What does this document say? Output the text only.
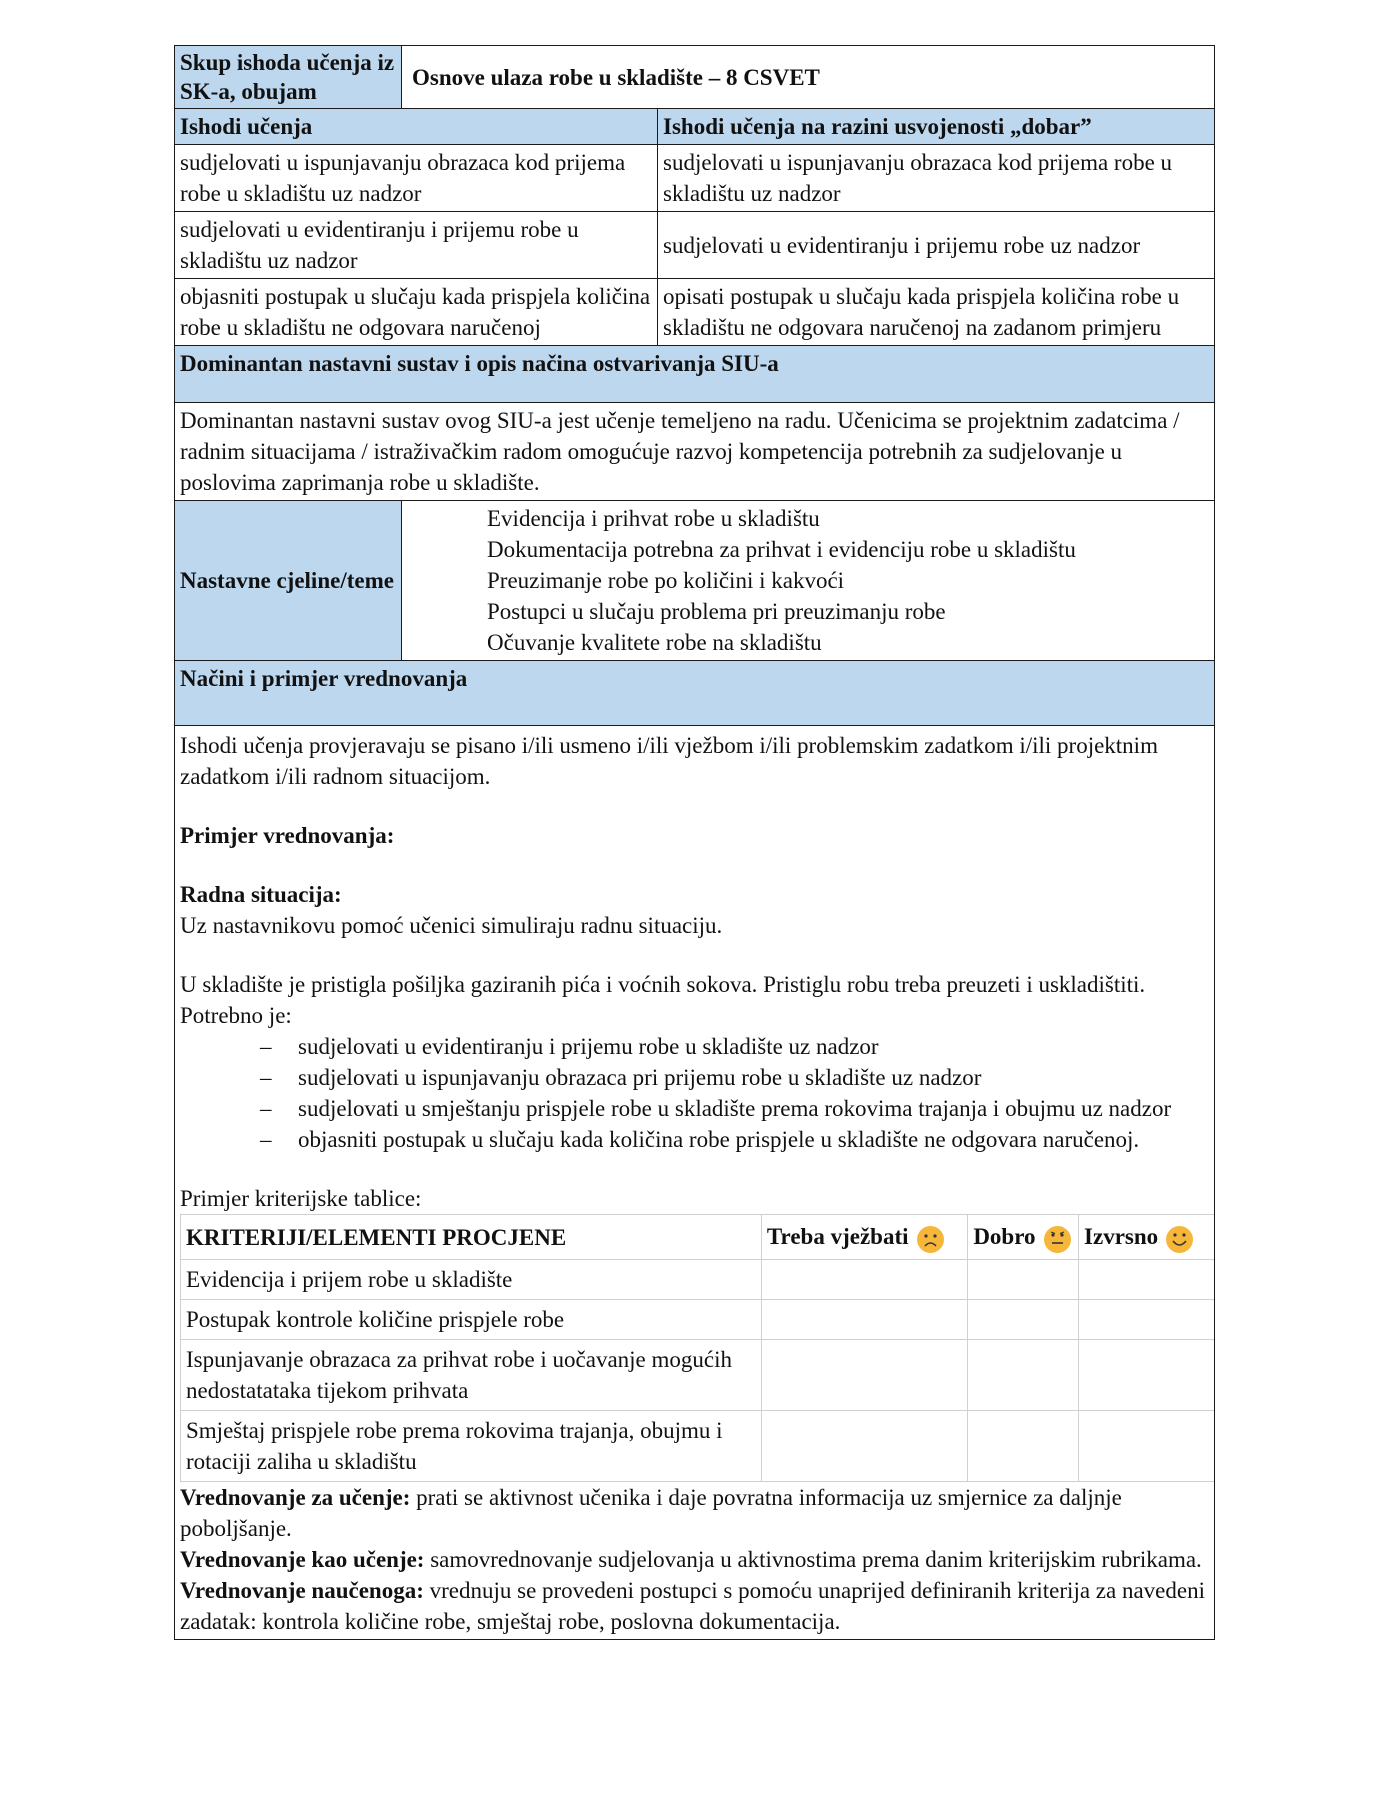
Skup ishoda učenja iz SK-a, obujam	Osnove ulaza robe u skladište – 8 CSVET
Ishodi učenja	Ishodi učenja na razini usvojenosti „dobar”
sudjelovati u ispunjavanju obrazaca kod prijema robe u skladištu uz nadzor	sudjelovati u ispunjavanju obrazaca kod prijema robe u skladištu uz nadzor
sudjelovati u evidentiranju i prijemu robe u skladištu uz nadzor	sudjelovati u evidentiranju i prijemu robe uz nadzor
objasniti postupak u slučaju kada prispjela količina robe u skladištu ne odgovara naručenoj	opisati postupak u slučaju kada prispjela količina robe u skladištu ne odgovara naručenoj na zadanom primjeru
Dominantan nastavni sustav i opis načina ostvarivanja SIU-a
Dominantan nastavni sustav ovog SIU-a jest učenje temeljeno na radu. Učenicima se projektnim zadatcima / radnim situacijama / istraživačkim radom omogućuje razvoj kompetencija potrebnih za sudjelovanje u poslovima zaprimanja robe u skladište.
Nastavne cjeline/teme	
Evidencija i prihvat robe u skladištu
Dokumentacija potrebna za prihvat i evidenciju robe u skladištu
Preuzimanje robe po količini i kakvoći
Postupci u slučaju problema pri preuzimanju robe
Očuvanje kvalitete robe na skladištu

Načini i primjer vrednovanja

Ishodi učenja provjeravaju se pisano i/ili usmeno i/ili vježbom i/ili problemskim zadatkom i/ili projektnim zadatkom i/ili radnom situacijom.

Primjer vrednovanja:

Radna situacija:

Uz nastavnikovu pomoć učenici simuliraju radnu situaciju.

U skladište je pristigla pošiljka gaziranih pića i voćnih sokova. Pristiglu robu treba preuzeti i uskladištiti.

Potrebno je:

– sudjelovati u evidentiranju i prijemu robe u skladište uz nadzor
– sudjelovati u ispunjavanju obrazaca pri prijemu robe u skladište uz nadzor
– sudjelovati u smještanju prispjele robe u skladište prema rokovima trajanja i obujmu uz nadzor
– objasniti postupak u slučaju kada količina robe prispjele u skladište ne odgovara naručenoj.

Primjer kriterijske tablice:

KRITERIJI/ELEMENTI PROCJENE	Treba vježbati	Dobro	Izvrsno

Evidencija i prijem robe u skladište			
Postupak kontrole količine prispjele robe			
Ispunjavanje obrazaca za prihvat robe i uočavanje mogućih nedostatataka tijekom prihvata			
Smještaj prispjele robe prema rokovima trajanja, obujmu i rotaciji zaliha u skladištu			

Vrednovanje za učenje: prati se aktivnost učenika i daje povratna informacija uz smjernice za daljnje poboljšanje.

Vrednovanje kao učenje: samovrednovanje sudjelovanja u aktivnostima prema danim kriterijskim rubrikama.

Vrednovanje naučenoga: vrednuju se provedeni postupci s pomoću unaprijed definiranih kriterija za navedeni zadatak: kontrola količine robe, smještaj robe, poslovna dokumentacija.
